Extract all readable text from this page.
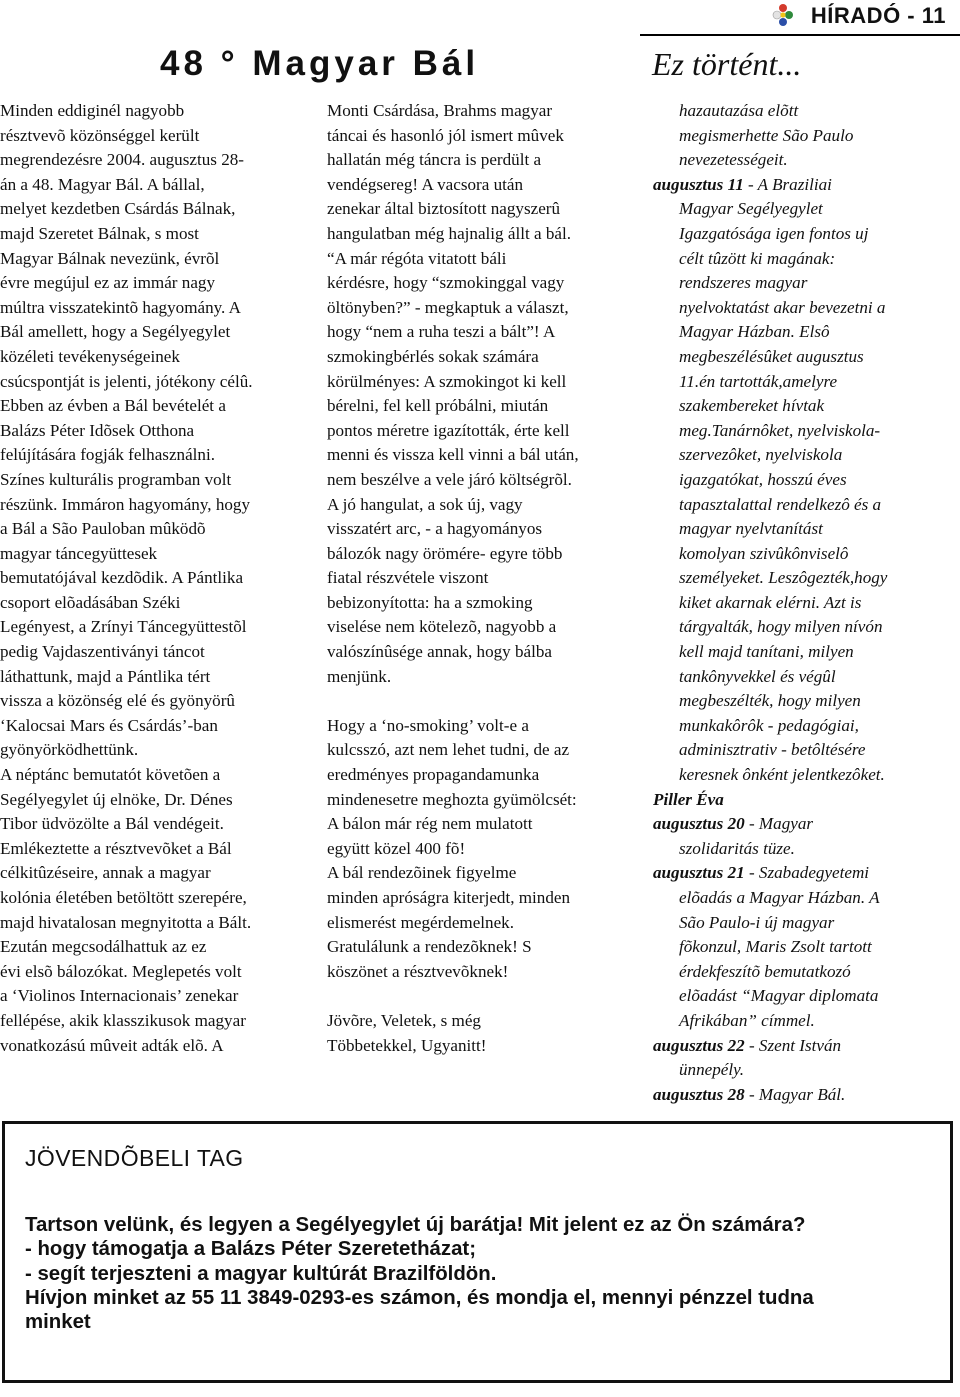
HÍRADÓ - 11
48 ° Magyar Bál	Ez történt...
Minden eddiginél nagyobb
résztvevõ közönséggel került
megrendezésre 2004. augusztus 28-
án a 48. Magyar Bál. A bállal,
melyet kezdetben Csárdás Bálnak,
majd Szeretet Bálnak, s most
Magyar Bálnak nevezünk, évrõl
évre megújul ez az immár nagy
múltra visszatekintõ hagyomány. A
Bál amellett, hogy a Segélyegylet
közéleti tevékenységeinek
csúcspontját is jelenti, jótékony célû.
Ebben az évben a Bál bevételét a
Balázs Péter Idõsek Otthona
felújítására fogják felhasználni.
Színes kulturális programban volt
részünk. Immáron hagyomány, hogy
a Bál a São Pauloban mûködõ
magyar táncegyüttesek
bemutatójával kezdõdik. A Pántlika
csoport elõadásában Széki
Legényest, a Zrínyi Táncegyüttestõl
pedig Vajdaszentiványi táncot
láthattunk, majd a Pántlika tért
vissza a közönség elé és gyönyörû
‘Kalocsai Mars és Csárdás’-ban
gyönyörködhettünk.
A néptánc bemutatót követõen a
Segélyegylet új elnöke, Dr. Dénes
Tibor üdvözölte a Bál vendégeit.
Emlékeztette a résztvevõket a Bál
célkitûzéseire, annak a magyar
kolónia életében betöltött szerepére,
majd hivatalosan megnyitotta a Bált.
Ezután megcsodálhattuk az ez
évi elsõ bálozókat. Meglepetés volt
a ‘Violinos Internacionais’ zenekar
fellépése, akik klasszikusok magyar
vonatkozású mûveit adták elõ. A
Monti Csárdása, Brahms magyar
táncai és hasonló jól ismert mûvek
hallatán még táncra is perdült a
vendégsereg! A vacsora után
zenekar által biztosított nagyszerû
hangulatban még hajnalig állt a bál.
“A már régóta vitatott báli
kérdésre, hogy “szmokinggal vagy
öltönyben?” - megkaptuk a választ,
hogy “nem a ruha teszi a bált”! A
szmokingbérlés sokak számára
körülményes: A szmokingot ki kell
bérelni, fel kell próbálni, miután
pontos méretre igazították, érte kell
menni és vissza kell vinni a bál után,
nem beszélve a vele járó költségrõl.
A jó hangulat, a sok új, vagy
visszatért arc, - a hagyományos
bálozók nagy örömére- egyre több
fiatal részvétele viszont
bebizonyította: ha a szmoking
viselése nem kötelezõ, nagyobb a
valószínûsége annak, hogy bálba
menjünk.

Hogy a ‘no-smoking’ volt-e a
kulcsszó, azt nem lehet tudni, de az
eredményes propagandamunka
mindenesetre meghozta gyümölcsét:
A bálon már rég nem mulatott
együtt közel 400 fõ!
A bál rendezõinek figyelme
minden apróságra kiterjedt, minden
elismerést megérdemelnek.
Gratulálunk a rendezõknek! S
köszönet a résztvevõknek!

Jövõre, Veletek, s még
Többetekkel, Ugyanitt!
hazautazása elõtt
megismerhette São Paulo
nevezetességeit.
augusztus 11 - A Braziliai
Magyar Segélyegylet
Igazgatósága igen fontos uj
célt tûzött ki magának:
rendszeres magyar
nyelvoktatást akar bevezetni a
Magyar Házban. Elsô
megbeszélésûket augusztus
11.én tartották,amelyre
szakembereket hívtak
meg.Tanárnôket, nyelviskola-
szervezôket, nyelviskola
igazgatókat, hosszú éves
tapasztalattal rendelkezô és a
magyar nyelvtanítást
komolyan szivûkônviselô
személyeket. Leszôgezték,hogy
kiket akarnak elérni. Azt is
tárgyalták, hogy milyen nívón
kell majd tanítani, milyen
tankônyvekkel és végûl
megbeszélték, hogy milyen
munkakôrôk - pedagógiai,
adminisztrativ - betôltésére
keresnek ônként jelentkezôket.
Piller Éva
augusztus 20 - Magyar
szolidaritás tüze.
augusztus 21 - Szabadegyetemi
elõadás a Magyar Házban. A
São Paulo-i új magyar
fõkonzul, Maris Zsolt tartott
érdekfeszítõ bemutatkozó
elõadást “Magyar diplomata
Afrikában” címmel.
augusztus 22 - Szent István
ünnepély.
augusztus 28 - Magyar Bál.
JÖVENDÕBELI TAG
Tartson velünk, és legyen a Segélyegylet új barátja! Mit jelent ez az Ön számára?
- hogy támogatja a Balázs Péter Szeretetházat;
- segít terjeszteni a magyar kultúrát Brazilföldön.
Hívjon minket az 55 11 3849-0293-es számon, és mondja el, mennyi pénzzel tudna
minket
